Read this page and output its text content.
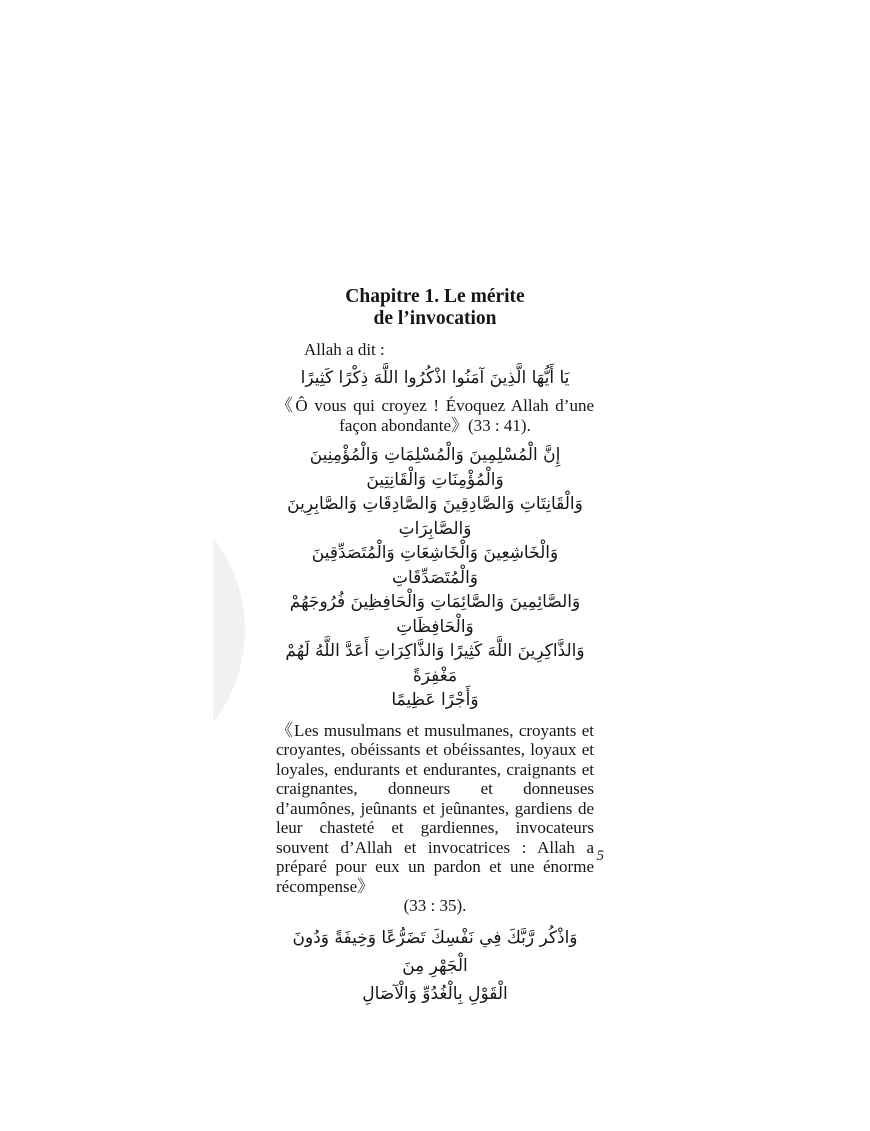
Chapitre 1. Le mérite
de l’invocation

Allah a dit :

يَا أَيُّهَا الَّذِينَ آمَنُوا اذْكُرُوا اللَّهَ ذِكْرًا كَثِيرًا

《Ô vous qui croyez ! Évoquez Allah d’une façon abondante》(33 : 41).

إِنَّ الْمُسْلِمِينَ وَالْمُسْلِمَاتِ وَالْمُؤْمِنِينَ وَالْمُؤْمِنَاتِ وَالْقَانِتِينَ
وَالْقَانِتَاتِ وَالصَّادِقِينَ وَالصَّادِقَاتِ وَالصَّابِرِينَ وَالصَّابِرَاتِ
وَالْخَاشِعِينَ وَالْخَاشِعَاتِ وَالْمُتَصَدِّقِينَ وَالْمُتَصَدِّقَاتِ
وَالصَّائِمِينَ وَالصَّائِمَاتِ وَالْحَافِظِينَ فُرُوجَهُمْ وَالْحَافِظَاتِ
وَالذَّاكِرِينَ اللَّهَ كَثِيرًا وَالذَّاكِرَاتِ أَعَدَّ اللَّهُ لَهُمْ مَغْفِرَةً
وَأَجْرًا عَظِيمًا

《Les musulmans et musulmanes, croyants et croyantes, obéissants et obéissantes, loyaux et loyales, endurants et endurantes, craignants et craignantes, donneurs et donneuses d’aumônes, jeûnants et jeûnantes, gardiens de leur chasteté et gardiennes, invocateurs souvent d’Allah et invocatrices : Allah a préparé pour eux un pardon et une énorme récompense》

(33 : 35).
وَاذْكُر رَّبَّكَ فِي نَفْسِكَ تَضَرُّعًا وَخِيفَةً وَدُونَ الْجَهْرِ مِنَ
الْقَوْلِ بِالْغُدُوِّ وَالْآصَالِ
5
